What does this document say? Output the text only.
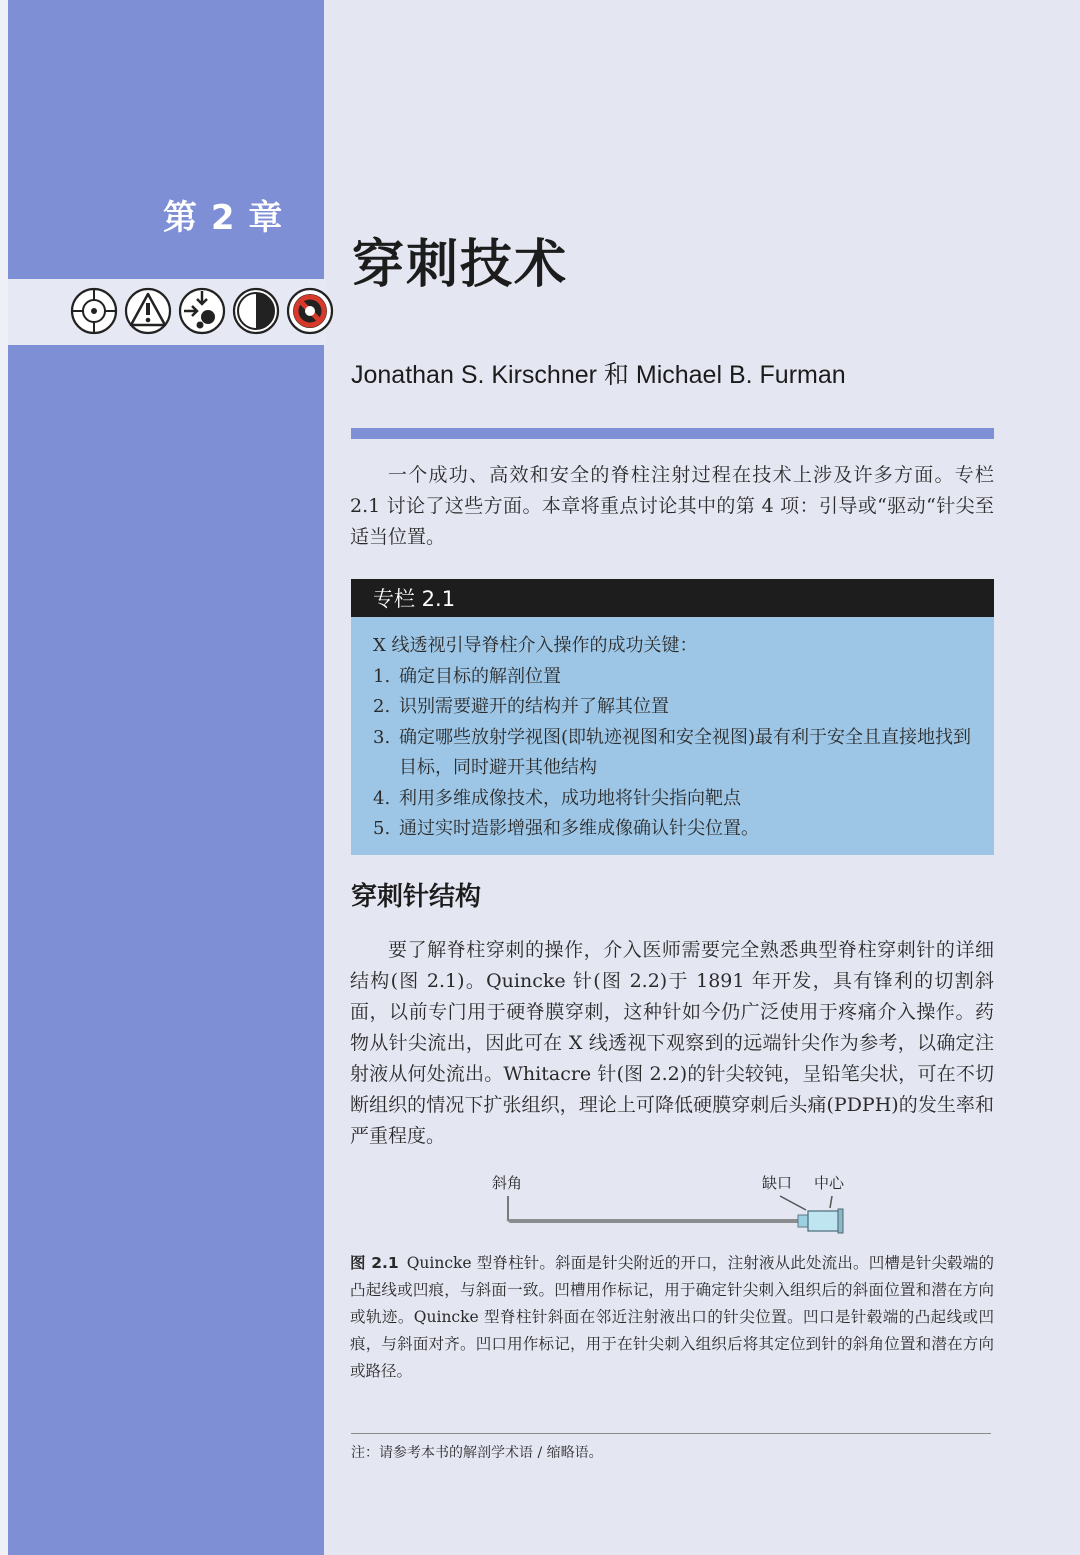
第 2 章
穿刺技术
Jonathan S. Kirschner 和 Michael B. Furman

一个成功、高效和安全的脊柱注射过程在技术上涉及许多方面。专栏 2.1 讨论了这些方面。本章将重点讨论其中的第 4 项：引导或“驱动“针尖至适当位置。

专栏 2.1

X 线透视引导脊柱介入操作的成功关键：

1. 确定目标的解剖位置
2. 识别需要避开的结构并了解其位置
3. 确定哪些放射学视图(即轨迹视图和安全视图)最有利于安全且直接地找到目标，同时避开其他结构
4. 利用多维成像技术，成功地将针尖指向靶点
5. 通过实时造影增强和多维成像确认针尖位置。
穿刺针结构

要了解脊柱穿刺的操作，介入医师需要完全熟悉典型脊柱穿刺针的详细结构(图 2.1)。Quincke 针(图 2.2)于 1891 年开发，具有锋利的切割斜面，以前专门用于硬脊膜穿刺，这种针如今仍广泛使用于疼痛介入操作。药物从针尖流出，因此可在 X 线透视下观察到的远端针尖作为参考，以确定注射液从何处流出。Whitacre 针(图 2.2)的针尖较钝，呈铅笔尖状，可在不切断组织的情况下扩张组织，理论上可降低硬膜穿刺后头痛(PDPH)的发生率和严重程度。

斜角	缺口 中心

图 2.1 Quincke 型脊柱针。斜面是针尖附近的开口，注射液从此处流出。凹槽是针尖毂端的凸起线或凹痕，与斜面一致。凹槽用作标记，用于确定针尖刺入组织后的斜面位置和潜在方向或轨迹。Quincke 型脊柱针斜面在邻近注射液出口的针尖位置。凹口是针毂端的凸起线或凹痕，与斜面对齐。凹口用作标记，用于在针尖刺入组织后将其定位到针的斜角位置和潜在方向或路径。

注：请参考本书的解剖学术语 / 缩略语。
